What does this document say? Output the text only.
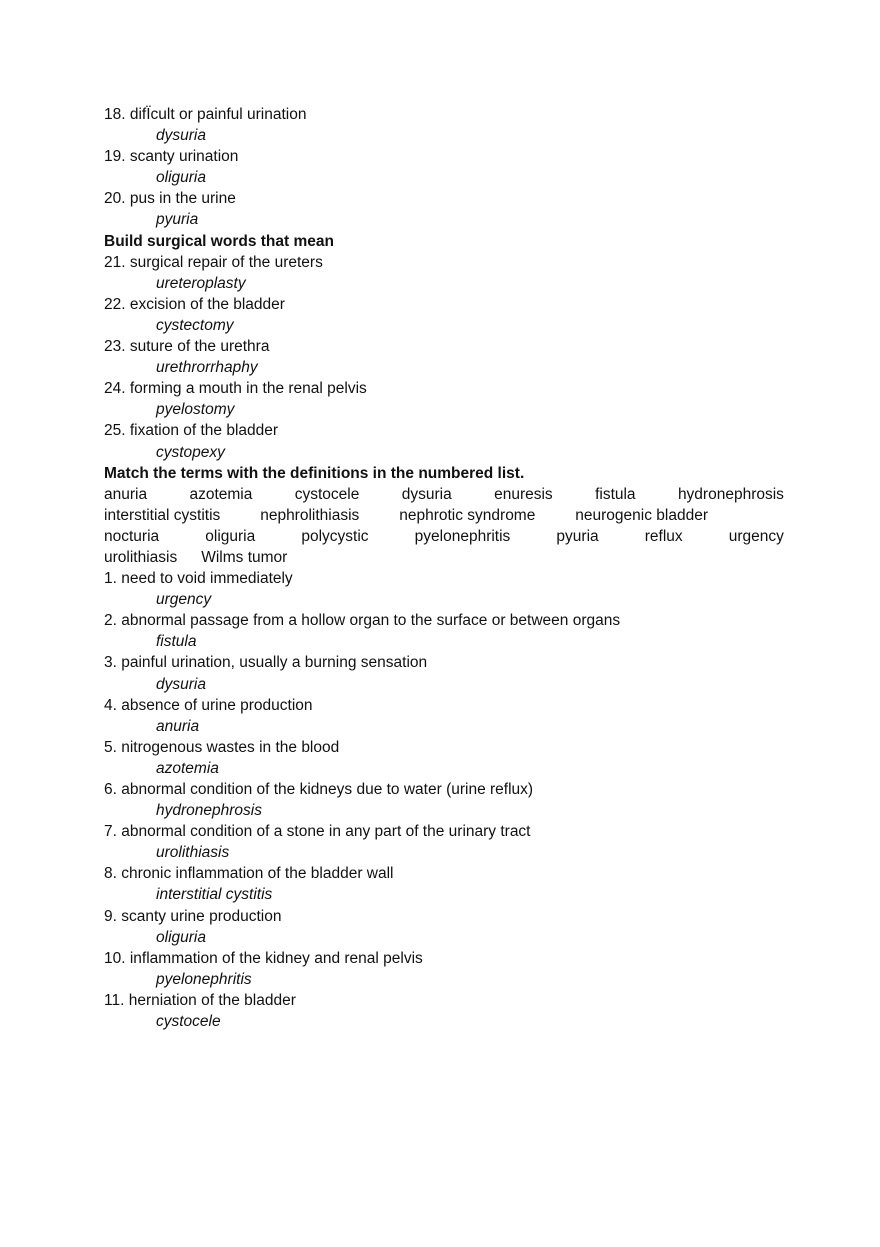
18. difÏcult or painful urination
dysuria
19. scanty urination
oliguria
20. pus in the urine
pyuria
Build surgical words that mean
21. surgical repair of the ureters
ureteroplasty
22. excision of the bladder
cystectomy
23. suture of the urethra
urethrorrhaphy
24. forming a mouth in the renal pelvis
pyelostomy
25. fixation of the bladder
cystopexy
Match the terms with the definitions in the numbered list.
anuria	azotemia	cystocele	dysuria	enuresis	fistula	hydronephrosis
interstitial cystitis	nephrolithiasis	nephrotic syndrome	neurogenic bladder
nocturia	oliguria	polycystic	pyelonephritis	pyuria	reflux	urgency
urolithiasis Wilms tumor
1. need to void immediately
urgency
2. abnormal passage from a hollow organ to the surface or between organs
fistula
3. painful urination, usually a burning sensation
dysuria
4. absence of urine production
anuria
5. nitrogenous wastes in the blood
azotemia
6. abnormal condition of the kidneys due to water (urine reflux)
hydronephrosis
7. abnormal condition of a stone in any part of the urinary tract
urolithiasis
8. chronic inflammation of the bladder wall
interstitial cystitis
9. scanty urine production
oliguria
10. inflammation of the kidney and renal pelvis
pyelonephritis
11. herniation of the bladder
cystocele
